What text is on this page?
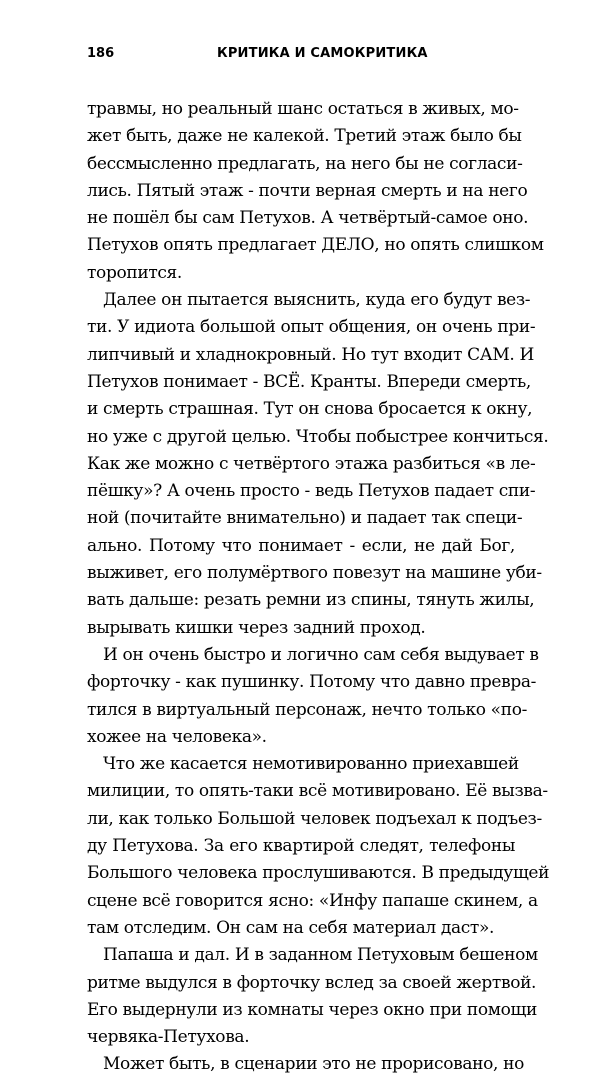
186	КРИТИКА И САМОКРИТИКА
травмы, но реальный шанс остаться в живых, мо-
жет быть, даже не калекой. Третий этаж было бы
бессмысленно предлагать, на него бы не согласи-
лись. Пятый этаж - почти верная смерть и на него
не пошёл бы сам Петухов. А четвёртый-самое оно.
Петухов опять предлагает ДЕЛО, но опять слишком
торопится.
Далее он пытается выяснить, куда его будут вез-
ти. У идиота большой опыт общения, он очень при-
липчивый и хладнокровный. Но тут входит САМ. И
Петухов понимает - ВСЁ. Кранты. Впереди смерть,
и смерть страшная. Тут он снова бросается к окну,
но уже с другой целью. Чтобы побыстрее кончиться.
Как же можно с четвёртого этажа разбиться «в ле-
пёшку»? А очень просто - ведь Петухов падает спи-
ной (почитайте внимательно) и падает так специ-
ально. Потому что понимает - если, не дай Бог,
выживет, его полумёртвого повезут на машине уби-
вать дальше: резать ремни из спины, тянуть жилы,
вырывать кишки через задний проход.
И он очень быстро и логично сам себя выдувает в
форточку - как пушинку. Потому что давно превра-
тился в виртуальный персонаж, нечто только «по-
хожее на человека».
Что же касается немотивированно приехавшей
милиции, то опять-таки всё мотивировано. Её вызва-
ли, как только Большой человек подъехал к подъез-
ду Петухова. За его квартирой следят, телефоны
Большого человека прослушиваются. В предыдущей
сцене всё говорится ясно: «Инфу папаше скинем, а
там отследим. Он сам на себя материал даст».
Папаша и дал. И в заданном Петуховым бешеном
ритме выдулся в форточку вслед за своей жертвой.
Его выдернули из комнаты через окно при помощи
червяка-Петухова.
Может быть, в сценарии это не прорисовано, но
